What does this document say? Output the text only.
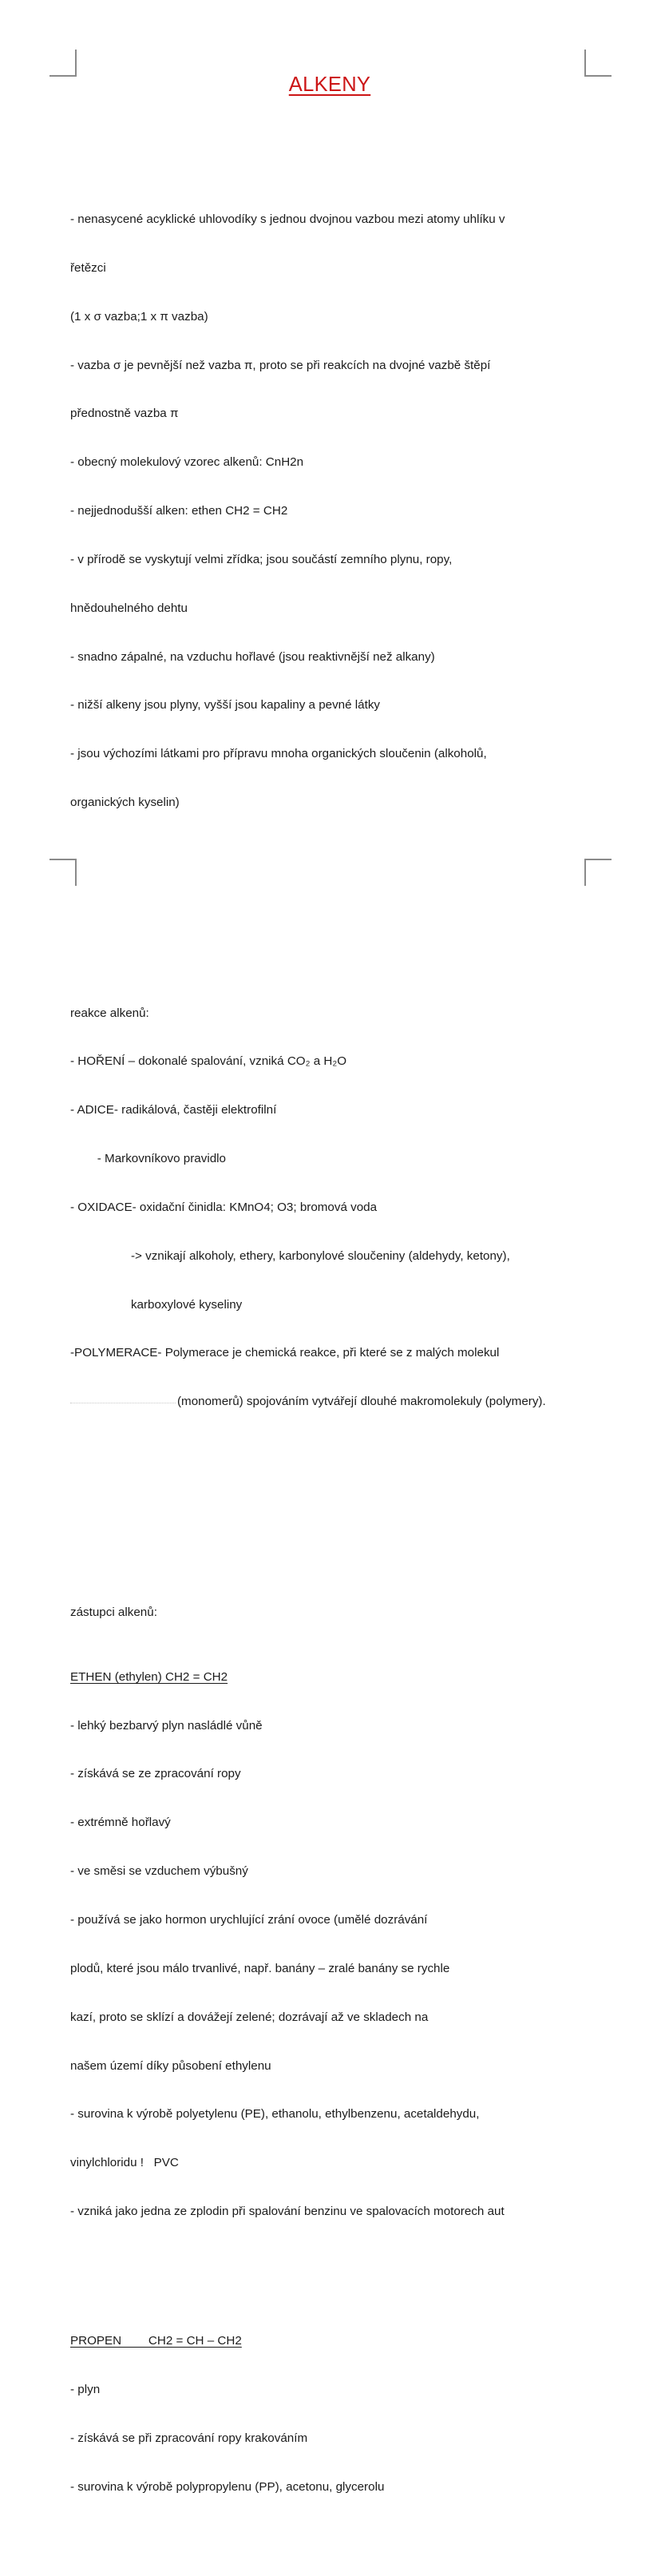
ALKENY

- nenasycené acyklické uhlovodíky s jednou dvojnou vazbou mezi atomy uhlíku v

řetězci

(1 x σ vazba;1 x π vazba)

- vazba σ je pevnější než vazba π, proto se při reakcích na dvojné vazbě štěpí

přednostně vazba π

- obecný molekulový vzorec alkenů: CnH2n

- nejjednodušší alken: ethen CH2 = CH2

- v přírodě se vyskytují velmi zřídka; jsou součástí zemního plynu, ropy,

hnědouhelného dehtu

- snadno zápalné, na vzduchu hořlavé (jsou reaktivnější než alkany)

- nižší alkeny jsou plyny, vyšší jsou kapaliny a pevné látky

- jsou výchozími látkami pro přípravu mnoha organických sloučenin (alkoholů,

organických kyselin)

reakce alkenů:

- HOŘENÍ – dokonalé spalování, vzniká CO₂ a H₂O

- ADICE- radikálová, častěji elektrofilní

- Markovníkovo pravidlo

- OXIDACE- oxidační činidla: KMnO4; O3; bromová voda

-> vznikají alkoholy, ethery, karbonylové sloučeniny (aldehydy, ketony),

karboxylové kyseliny

-POLYMERACE- Polymerace je chemická reakce, při které se z malých molekul

(monomerů) spojováním vytvářejí dlouhé makromolekuly (polymery).

zástupci alkenů:

ETHEN (ethylen) CH2 = CH2

- lehký bezbarvý plyn nasládlé vůně

- získává se ze zpracování ropy

- extrémně hořlavý

- ve směsi se vzduchem výbušný

- používá se jako hormon urychlující zrání ovoce (umělé dozrávání

plodů, které jsou málo trvanlivé, např. banány – zralé banány se rychle

kazí, proto se sklízí a dovážejí zelené; dozrávají až ve skladech na

našem území díky působení ethylenu

- surovina k výrobě polyetylenu (PE), ethanolu, ethylbenzenu, acetaldehydu,

vinylchloridu !   PVC

- vzniká jako jedna ze zplodin při spalování benzinu ve spalovacích motorech aut

PROPEN        CH2 = CH – CH2

- plyn

- získává se při zpracování ropy krakováním

- surovina k výrobě polypropylenu (PP), acetonu, glycerolu
